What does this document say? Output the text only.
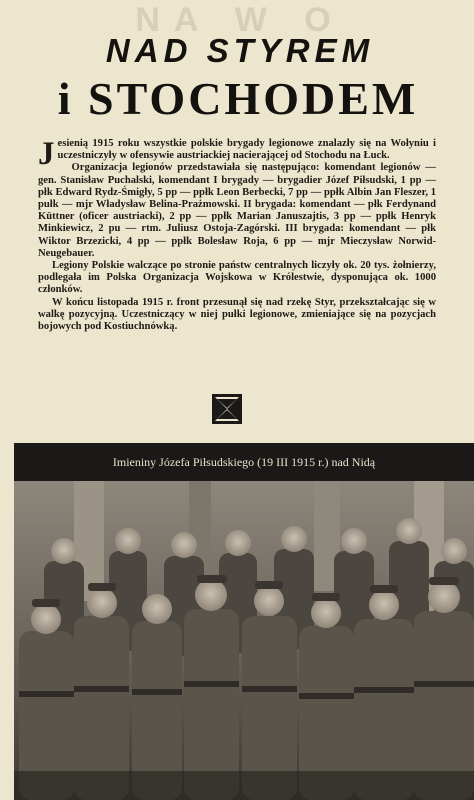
NA W O
NAD STYREM
i STOCHODEM

Jesienią 1915 roku wszystkie polskie brygady legionowe znalazły się na Wołyniu i uczestniczyły w ofensywie austriackiej nacierającej od Stochodu na Łuck.

Organizacja legionów przedstawiała się następująco: komendant legionów — gen. Stanisław Puchalski, komendant I brygady — brygadier Józef Piłsudski, 1 pp — płk Edward Rydz-Śmigły, 5 pp — ppłk Leon Berbecki, 7 pp — ppłk Albin Jan Fleszer, 1 pułk — mjr Władysław Belina-Prażmowski. II brygada: komendant — płk Ferdynand Küttner (oficer austriacki), 2 pp — ppłk Marian Januszajtis, 3 pp — ppłk Henryk Minkiewicz, 2 pu — rtm. Juliusz Ostoja-Zagórski. III brygada: komendant — płk Wiktor Brzezicki, 4 pp — ppłk Bolesław Roja, 6 pp — mjr Mieczysław Norwid-Neugebauer.

Legiony Polskie walczące po stronie państw centralnych liczyły ok. 20 tys. żołnierzy, podlegała im Polska Organizacja Wojskowa w Królestwie, dysponująca ok. 1000 członków.

W końcu listopada 1915 r. front przesunął się nad rzekę Styr, przekształcając się w walkę pozycyjną. Uczestniczący w niej pułki legionowe, zmieniające się na pozycjach bojowych pod Kostiuchnówką.

Imieniny Józefa Piłsudskiego (19 III 1915 r.) nad Nidą
